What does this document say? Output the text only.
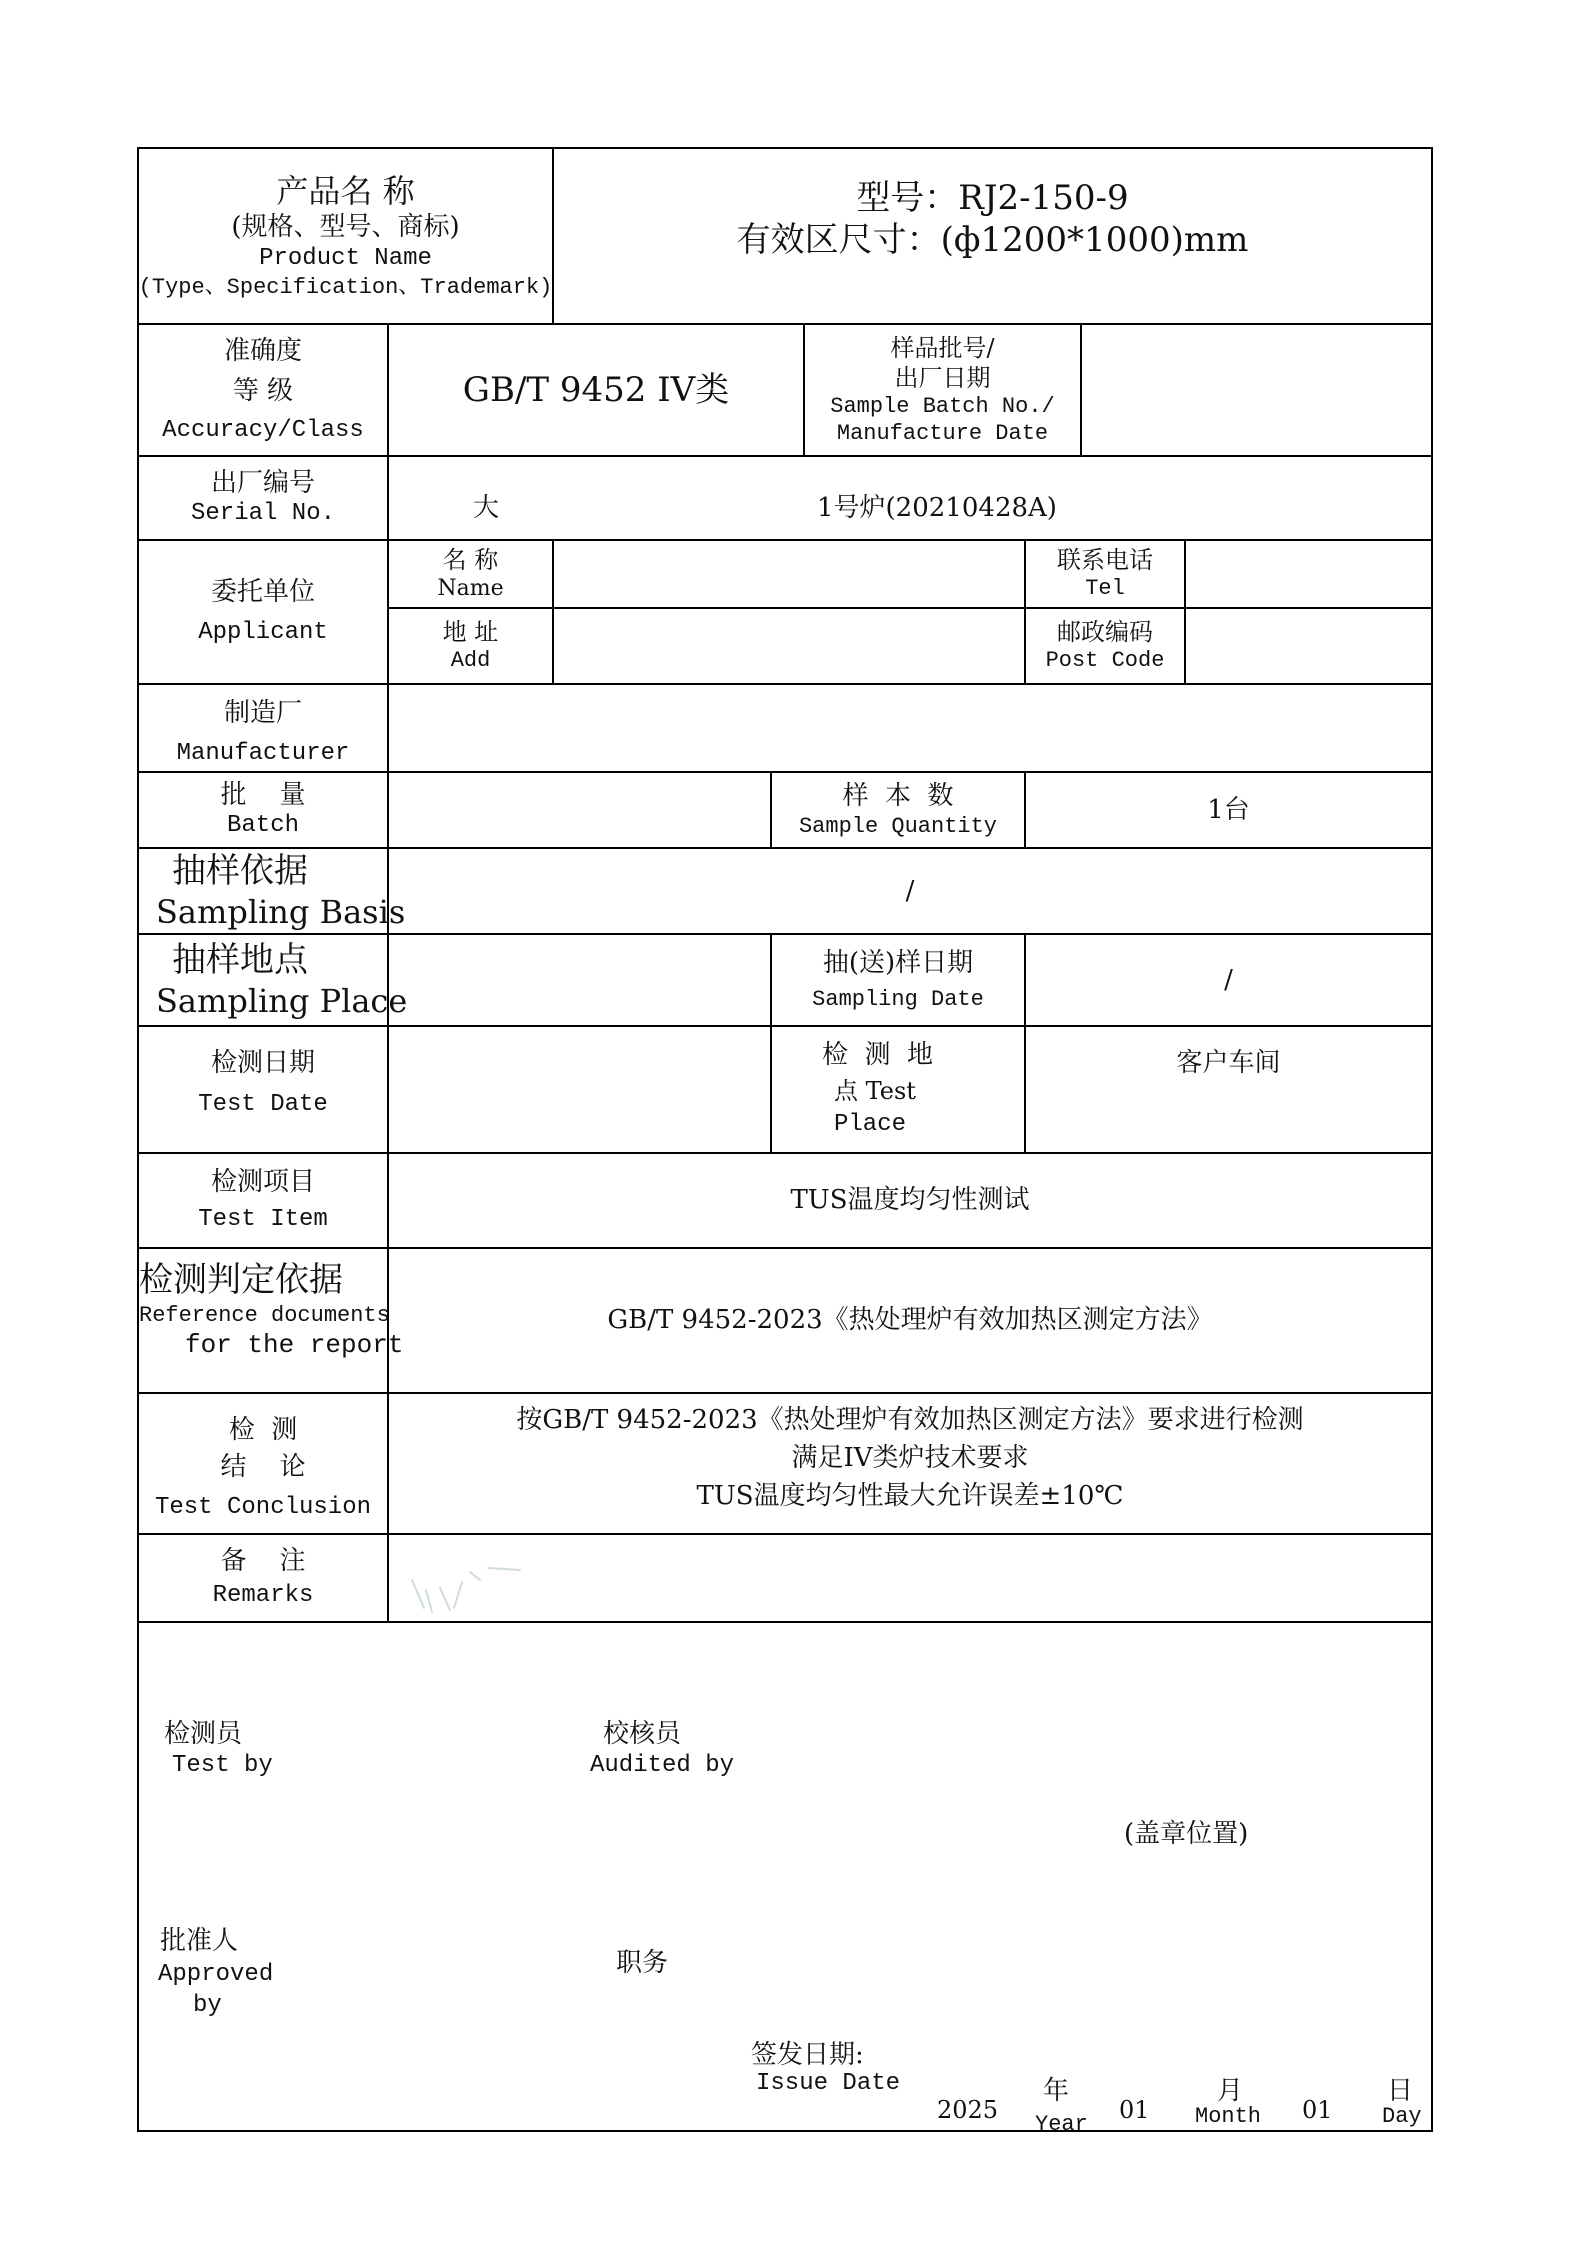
产品名 称
(规格、型号、商标)
Product Name
(Type、Specification、Trademark)
型号：RJ2-150-9
有效区尺寸：(ф1200*1000)mm
准确度
等 级
Accuracy/Class
GB/T 9452 IV类
样品批号/
出厂日期
Sample Batch No./
Manufacture Date
出厂编号
Serial No.	大	1号炉(20210428A)
委托单位
Applicant
名 称
Name
地 址
Add
联系电话
Tel
邮政编码
Post Code
制造厂
Manufacturer
批    量
Batch
样  本  数
Sample Quantity
1台
抽样依据
Sampling Basis
/
抽样地点
Sampling Place
抽(送)样日期
Sampling Date
/
检测日期
Test Date
检  测  地
点 Test
Place
客户车间
检测项目
Test Item
TUS温度均匀性测试
检测判定依据
Reference documents
for the report
GB/T 9452-2023《热处理炉有效加热区测定方法》
检  测
结    论
Test Conclusion
按GB/T 9452-2023《热处理炉有效加热区测定方法》要求进行检测
满足IV类炉技术要求
TUS温度均匀性最大允许误差±10℃
备    注
Remarks
检测员
Test by
校核员
Audited by
(盖章位置)
批准人
Approved
by
职务
签发日期:
Issue Date
2025
年
Year
01
月
Month 01
日
Day
